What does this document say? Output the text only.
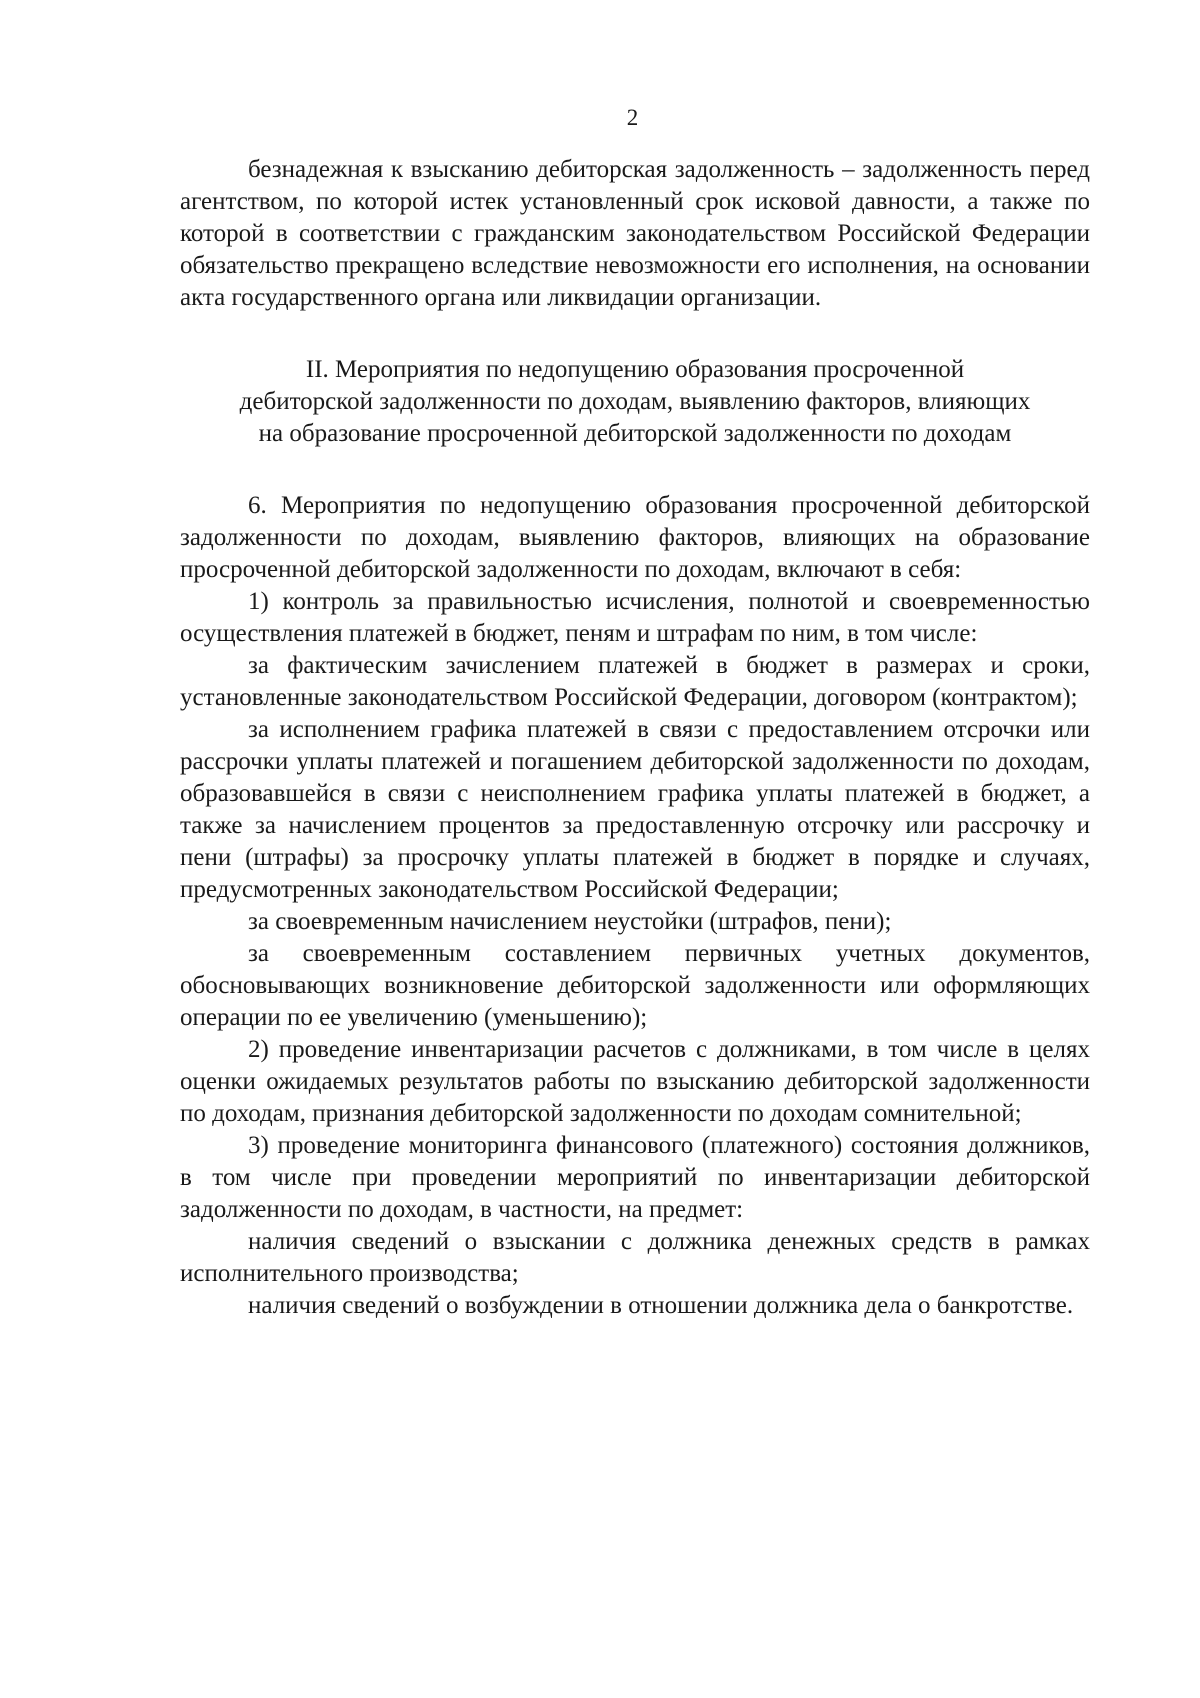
2

безнадежная к взысканию дебиторская задолженность – задолженность перед агентством, по которой истек установленный срок исковой давности, а также по которой в соответствии с гражданским законодательством Российской Федерации обязательство прекращено вследствие невозможности его исполнения, на основании акта государственного органа или ликвидации организации.

II. Мероприятия по недопущению образования просроченной
дебиторской задолженности по доходам, выявлению факторов, влияющих
на образование просроченной дебиторской задолженности по доходам

6. Мероприятия по недопущению образования просроченной дебиторской задолженности по доходам, выявлению факторов, влияющих на образование просроченной дебиторской задолженности по доходам, включают в себя:

1) контроль за правильностью исчисления, полнотой и своевременностью осуществления платежей в бюджет, пеням и штрафам по ним, в том числе:

за фактическим зачислением платежей в бюджет в размерах и сроки, установленные законодательством Российской Федерации, договором (контрактом);

за исполнением графика платежей в связи с предоставлением отсрочки или рассрочки уплаты платежей и погашением дебиторской задолженности по доходам, образовавшейся в связи с неисполнением графика уплаты платежей в бюджет, а также за начислением процентов за предоставленную отсрочку или рассрочку и пени (штрафы) за просрочку уплаты платежей в бюджет в порядке и случаях, предусмотренных законодательством Российской Федерации;

за своевременным начислением неустойки (штрафов, пени);

за своевременным составлением первичных учетных документов, обосновывающих возникновение дебиторской задолженности или оформляющих операции по ее увеличению (уменьшению);

2) проведение инвентаризации расчетов с должниками, в том числе в целях оценки ожидаемых результатов работы по взысканию дебиторской задолженности по доходам, признания дебиторской задолженности по доходам сомнительной;

3) проведение мониторинга финансового (платежного) состояния должников, в том числе при проведении мероприятий по инвентаризации дебиторской задолженности по доходам, в частности, на предмет:

наличия сведений о взыскании с должника денежных средств в рамках исполнительного производства;

наличия сведений о возбуждении в отношении должника дела о банкротстве.
